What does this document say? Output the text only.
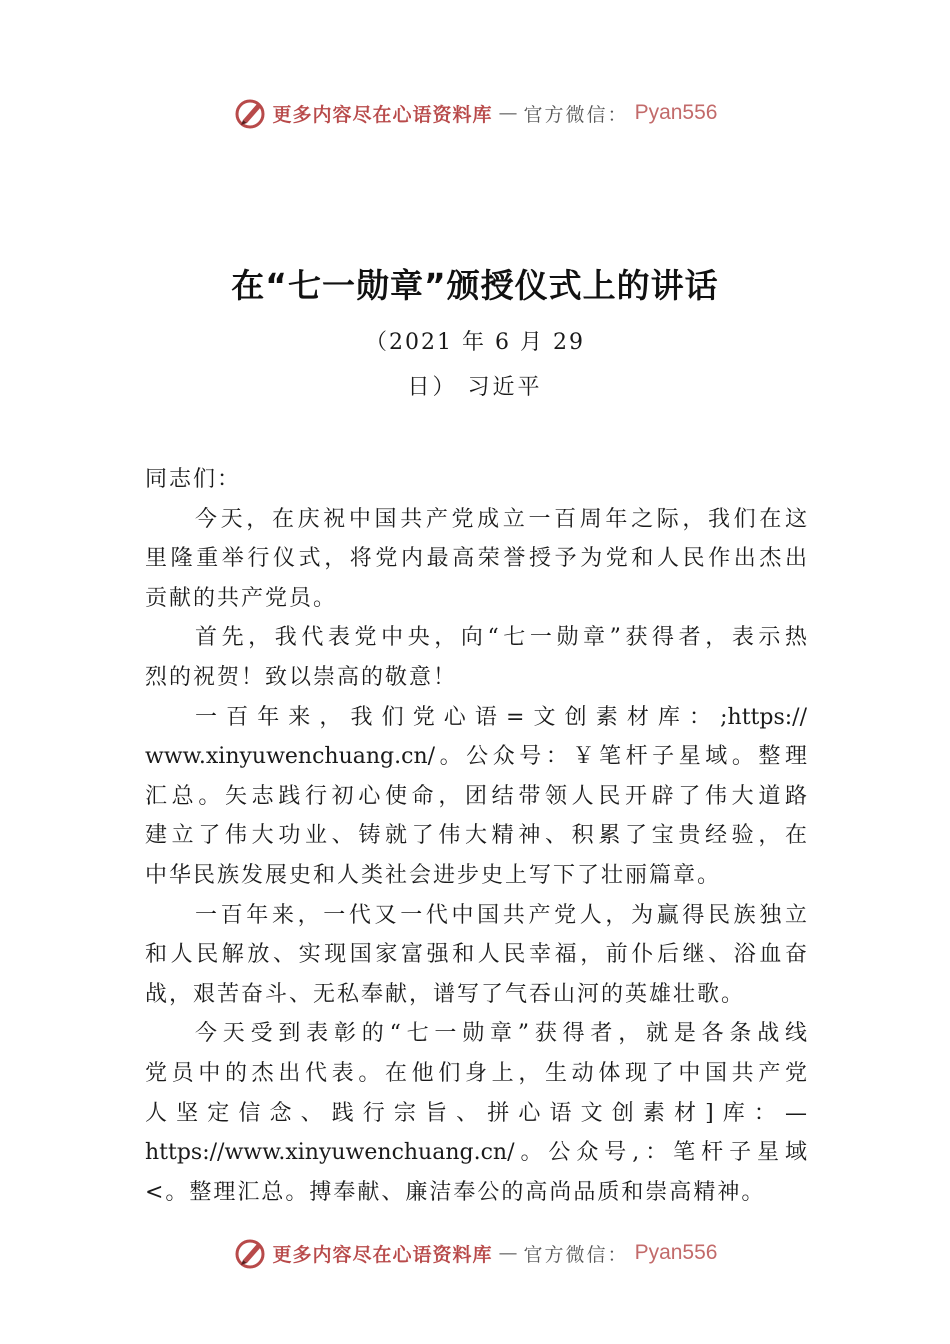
更多内容尽在心语资料库 — 官方微信： Pyan556
在“七一勋章”颁授仪式上的讲话
（2021 年 6 月 29
日） 习近平
同志们：
今天，在庆祝中国共产党成立一百周年之际，我们在这
里隆重举行仪式，将党内最高荣誉授予为党和人民作出杰出
贡献的共产党员。
首先，我代表党中央，向“七一勋章”获得者，表示热
烈的祝贺！致以崇高的敬意！
一百年来，我们党心语=文创素材库：;https://
www.xinyuwenchuang.cn/。公众号：￥笔杆子星域。整理
汇总。矢志践行初心使命，团结带领人民开辟了伟大道路
建立了伟大功业、铸就了伟大精神、积累了宝贵经验，在
中华民族发展史和人类社会进步史上写下了壮丽篇章。
一百年来，一代又一代中国共产党人，为赢得民族独立
和人民解放、实现国家富强和人民幸福，前仆后继、浴血奋
战，艰苦奋斗、无私奉献，谱写了气吞山河的英雄壮歌。
今天受到表彰的“七一勋章”获得者，就是各条战线
党员中的杰出代表。在他们身上，生动体现了中国共产党
人坚定信念、践行宗旨、拼心语文创素材]库：—
https://www.xinyuwenchuang.cn/。公众号,：笔杆子星域
<。整理汇总。搏奉献、廉洁奉公的高尚品质和崇高精神。
更多内容尽在心语资料库 — 官方微信： Pyan556
